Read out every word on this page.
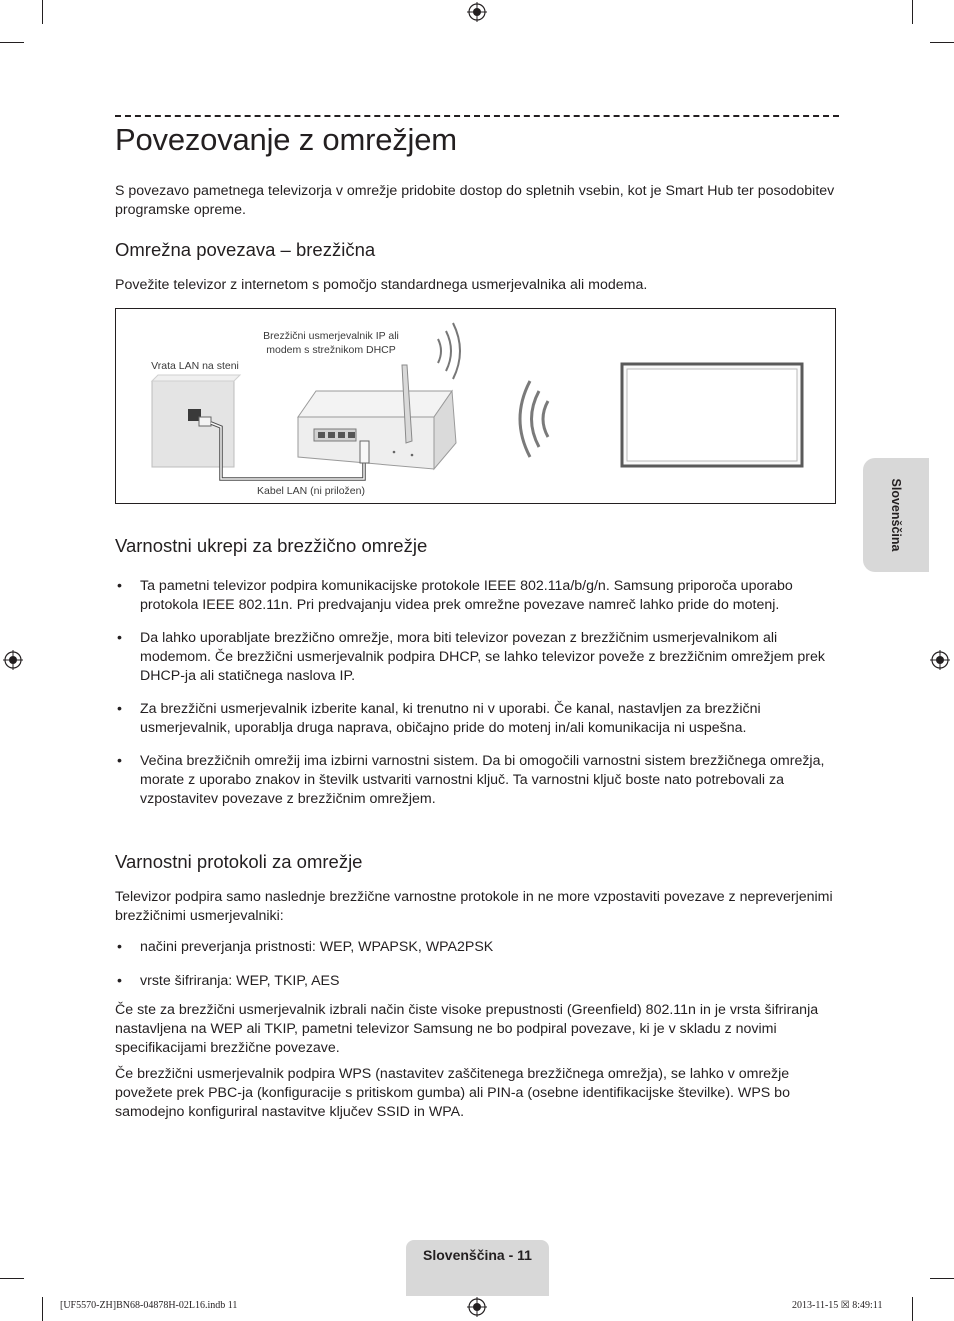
Povezovanje z omrežjem

S povezavo pametnega televizorja v omrežje pridobite dostop do spletnih vsebin, kot je Smart Hub ter posodobitev programske opreme.

Omrežna povezava – brezžična

Povežite televizor z internetom s pomočjo standardnega usmerjevalnika ali modema.

Brezžični usmerjevalnik IP ali modem s strežnikom DHCP
Vrata LAN na steni
Kabel LAN (ni priložen)
Varnostni ukrepi za brezžično omrežje
• Ta pametni televizor podpira komunikacijske protokole IEEE 802.11a/b/g/n. Samsung priporoča uporabo protokola IEEE 802.11n. Pri predvajanju videa prek omrežne povezave namreč lahko pride do motenj.
• Da lahko uporabljate brezžično omrežje, mora biti televizor povezan z brezžičnim usmerjevalnikom ali modemom. Če brezžični usmerjevalnik podpira DHCP, se lahko televizor poveže z brezžičnim omrežjem prek DHCP-ja ali statičnega naslova IP.
• Za brezžični usmerjevalnik izberite kanal, ki trenutno ni v uporabi. Če kanal, nastavljen za brezžični usmerjevalnik, uporablja druga naprava, običajno pride do motenj in/ali komunikacija ni uspešna.
• Večina brezžičnih omrežij ima izbirni varnostni sistem. Da bi omogočili varnostni sistem brezžičnega omrežja, morate z uporabo znakov in številk ustvariti varnostni ključ. Ta varnostni ključ boste nato potrebovali za vzpostavitev povezave z brezžičnim omrežjem.
Varnostni protokoli za omrežje

Televizor podpira samo naslednje brezžične varnostne protokole in ne more vzpostaviti povezave z nepreverjenimi brezžičnimi usmerjevalniki:

• načini preverjanja pristnosti: WEP, WPAPSK, WPA2PSK
• vrste šifriranja: WEP, TKIP, AES

Če ste za brezžični usmerjevalnik izbrali način čiste visoke prepustnosti (Greenfield) 802.11n in je vrsta šifriranja nastavljena na WEP ali TKIP, pametni televizor Samsung ne bo podpiral povezave, ki je v skladu z novimi specifikacijami brezžične povezave.

Če brezžični usmerjevalnik podpira WPS (nastavitev zaščitenega brezžičnega omrežja), se lahko v omrežje povežete prek PBC-ja (konfiguracije s pritiskom gumba) ali PIN-a (osebne identifikacijske številke). WPS bo samodejno konfiguriral nastavitve ključev SSID in WPA.

Slovenščina
Slovenščina - 11
[UF5570-ZH]BN68-04878H-02L16.indb 11	2013-11-15 ☒ 8:49:11
